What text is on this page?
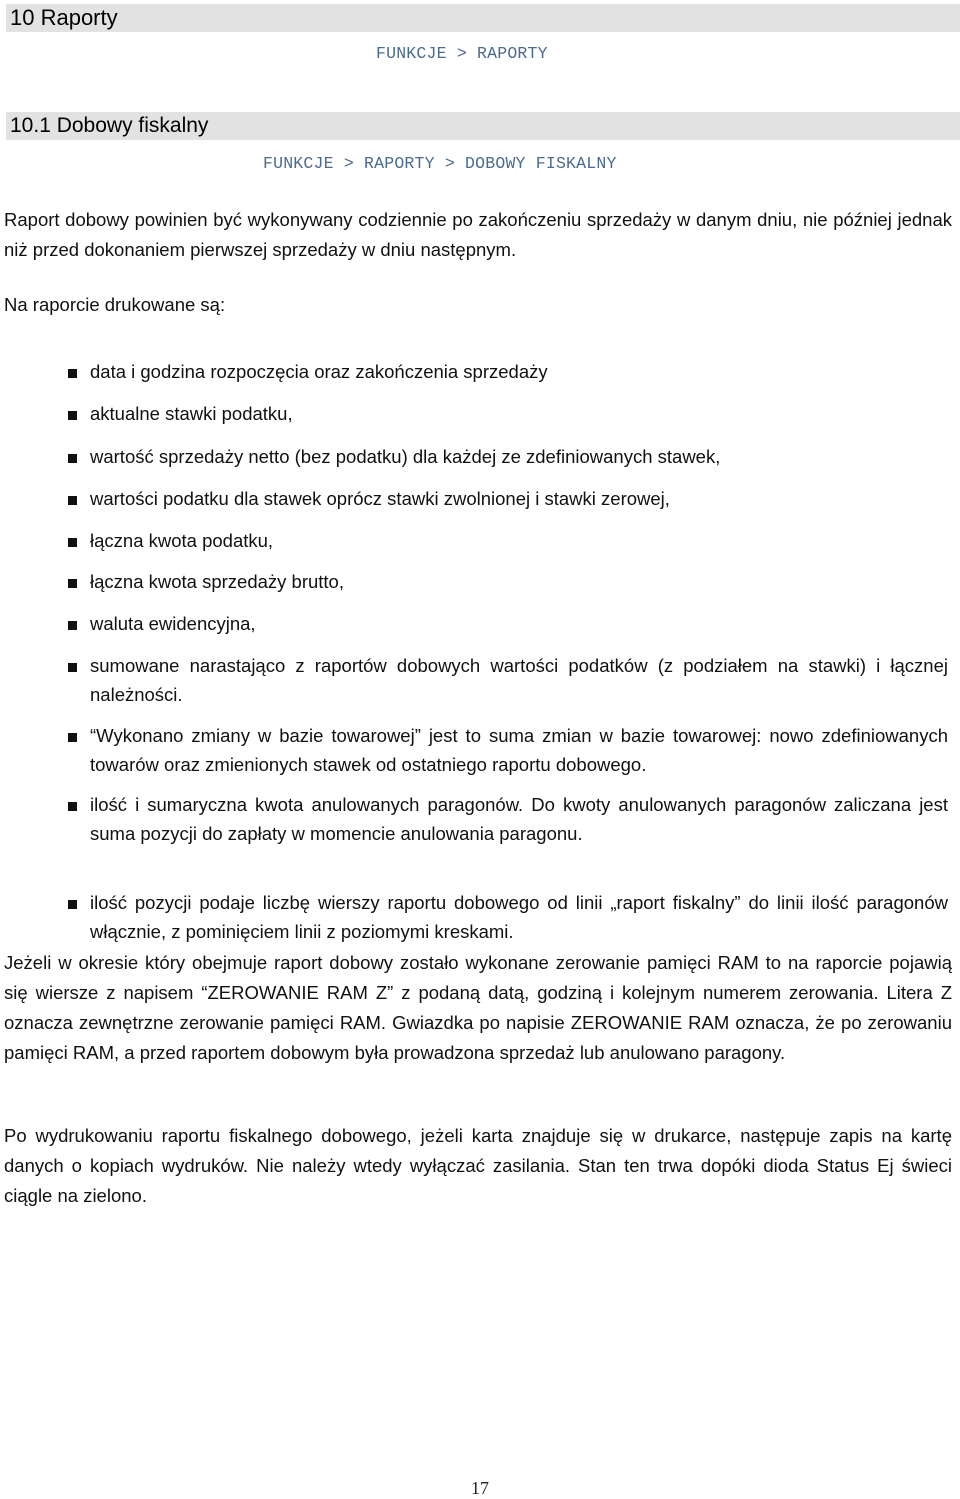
10 Raporty
FUNKCJE > RAPORTY
10.1 Dobowy fiskalny
FUNKCJE > RAPORTY > DOBOWY FISKALNY

Raport dobowy powinien być wykonywany codziennie po zakończeniu sprzedaży w danym dniu, nie później jednak niż przed dokonaniem pierwszej sprzedaży w dniu następnym.

Na raporcie drukowane są:

data i godzina rozpoczęcia oraz zakończenia sprzedaży
aktualne stawki podatku,
wartość sprzedaży netto (bez podatku) dla każdej ze zdefiniowanych stawek,
wartości podatku dla stawek oprócz stawki zwolnionej i stawki zerowej,
łączna kwota podatku,
łączna kwota sprzedaży brutto,
waluta ewidencyjna,
sumowane narastająco z raportów dobowych wartości podatków (z podziałem na stawki) i łącznej należności.
“Wykonano zmiany w bazie towarowej” jest to suma zmian w bazie towarowej: nowo zdefiniowanych towarów oraz zmienionych stawek od ostatniego raportu dobowego.
ilość i sumaryczna kwota anulowanych paragonów. Do kwoty anulowanych paragonów zaliczana jest suma pozycji do zapłaty w momencie anulowania paragonu.
ilość pozycji podaje liczbę wierszy raportu dobowego od linii „raport fiskalny” do linii ilość paragonów włącznie, z pominięciem linii z poziomymi kreskami.

Jeżeli w okresie który obejmuje raport dobowy zostało wykonane zerowanie pamięci RAM to na raporcie pojawią się wiersze z napisem “ZEROWANIE RAM Z” z podaną datą, godziną i kolejnym numerem zerowania. Litera Z oznacza zewnętrzne zerowanie pamięci RAM. Gwiazdka po napisie ZEROWANIE RAM oznacza, że po zerowaniu pamięci RAM, a przed raportem dobowym była prowadzona sprzedaż lub anulowano paragony.

Po wydrukowaniu raportu fiskalnego dobowego, jeżeli karta znajduje się w drukarce, następuje zapis na kartę danych o kopiach wydruków. Nie należy wtedy wyłączać zasilania. Stan ten trwa dopóki dioda Status Ej świeci ciągle na zielono.

17
